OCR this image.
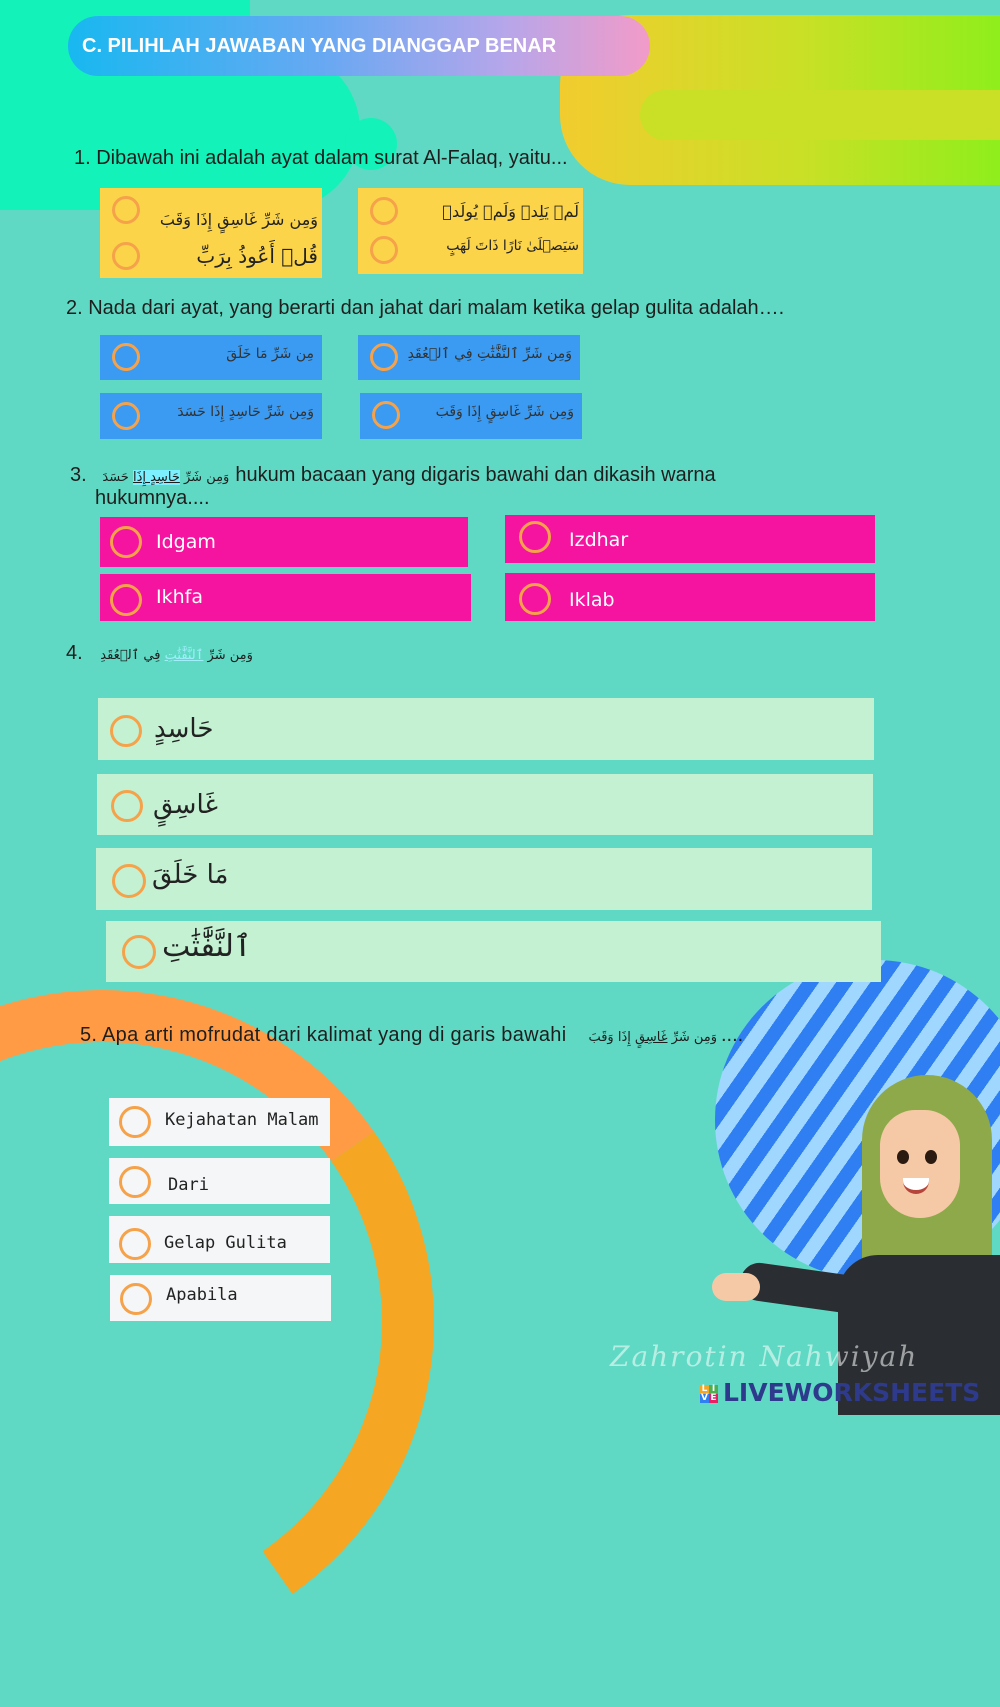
C. PILIHLAH JAWABAN YANG DIANGGAP BENAR
1. Dibawah ini adalah ayat dalam surat Al-Falaq, yaitu...
وَمِن شَرِّ غَاسِقٍ إِذَا وَقَبَ
قُلۡ أَعُوذُ بِرَبِّ
لَمۡ يَلِدۡ وَلَمۡ يُولَدۡ
سَيَصۡلَىٰ نَارًا ذَاتَ لَهَبٍ
2. Nada dari ayat, yang berarti dan jahat dari malam ketika gelap gulita adalah….
مِن شَرِّ مَا خَلَقَ	وَمِن شَرِّ ٱلنَّفَّٰثَٰتِ فِي ٱلۡعُقَدِ
وَمِن شَرِّ حَاسِدٍ إِذَا حَسَدَ	وَمِن شَرِّ غَاسِقٍ إِذَا وَقَبَ
3.	وَمِن شَرِّ حَاسِدٍ إِذَا حَسَدَ	hukum bacaan yang digaris bawahi dan dikasih warna
hukumnya....
Idgam	Izdhar
Ikhfa	Iklab
4.	وَمِن شَرِّ ٱلنَّفَّٰثَٰتِ فِي ٱلۡعُقَدِ
حَاسِدٍ
غَاسِقٍ
مَا خَلَقَ
ٱلنَّفَّٰثَٰتِ
5. Apa arti mofrudat dari kalimat yang di garis bawahi	وَمِن شَرِّ غَاسِقٍ إِذَا وَقَبَ	....
Kejahatan Malam
Dari
Gelap Gulita
Apabila
Zahrotin Nahwiyah
L IV E LIVEWORKSHEETS
